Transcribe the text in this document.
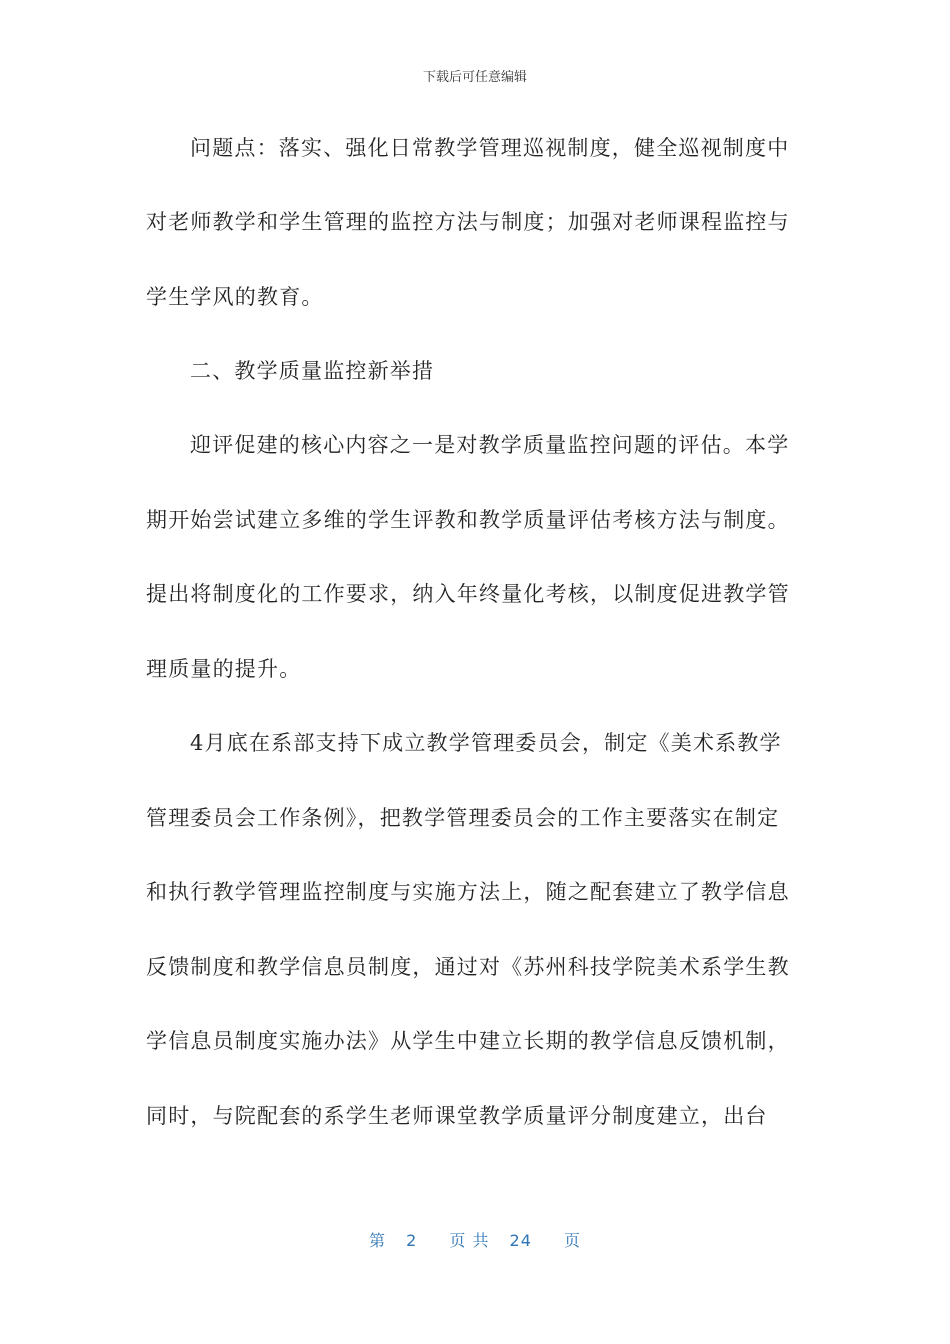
下载后可任意编辑
问题点：落实、强化日常教学管理巡视制度，健全巡视制度中
对老师教学和学生管理的监控方法与制度；加强对老师课程监控与
学生学风的教育。
二、教学质量监控新举措
迎评促建的核心内容之一是对教学质量监控问题的评估。本学
期开始尝试建立多维的学生评教和教学质量评估考核方法与制度。
提出将制度化的工作要求，纳入年终量化考核，以制度促进教学管
理质量的提升。
4月底在系部支持下成立教学管理委员会，制定《美术系教学
管理委员会工作条例》，把教学管理委员会的工作主要落实在制定
和执行教学管理监控制度与实施方法上，随之配套建立了教学信息
反馈制度和教学信息员制度，通过对《苏州科技学院美术系学生教
学信息员制度实施办法》从学生中建立长期的教学信息反馈机制，
同时，与院配套的系学生老师课堂教学质量评分制度建立，出台
第 2 页 共 24 页
